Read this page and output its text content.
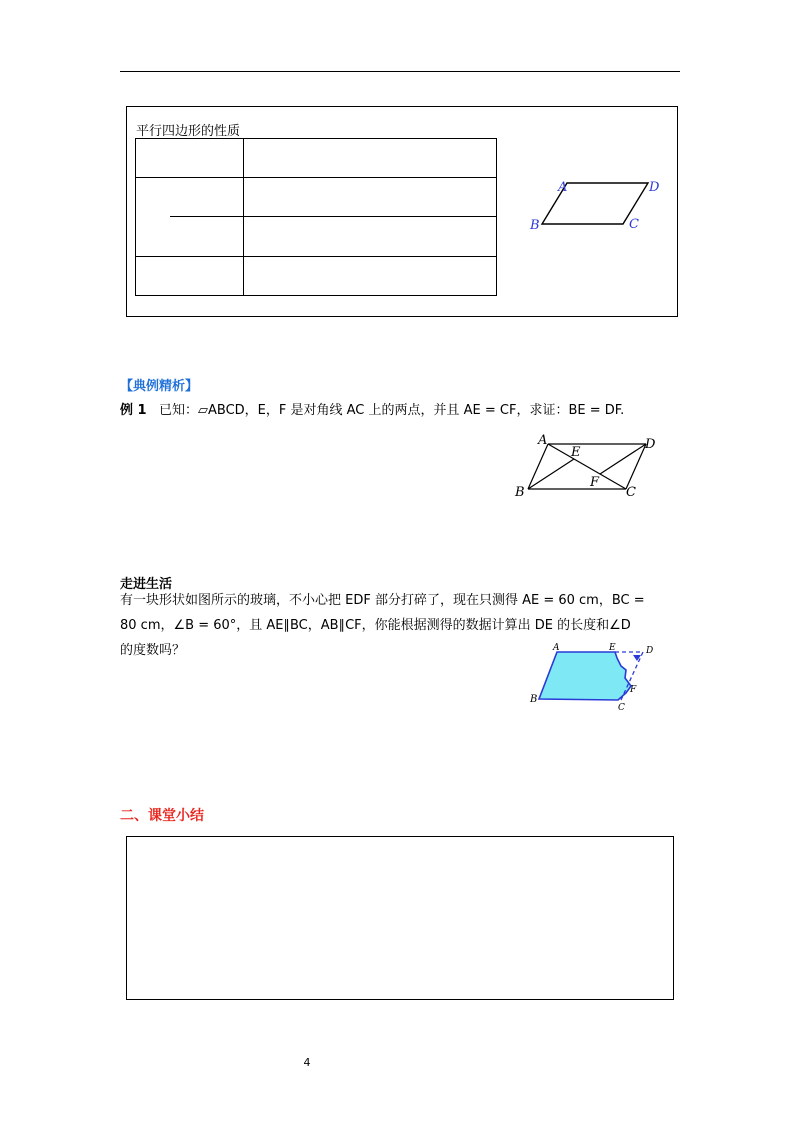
平行四边形的性质
A	D
B	C
【典例精析】
例 1 已知：▱ABCD，E，F 是对角线 AC 上的两点，并且 AE = CF，求证：BE = DF.
A
E
D
B
F
C
走进生活
有一块形状如图所示的玻璃，不小心把 EDF 部分打碎了，现在只测得 AE = 60 cm，BC =
80 cm，∠B = 60°，且 AE∥BC，AB∥CF，你能根据测得的数据计算出 DE 的长度和∠D
的度数吗？	A	E	D
F
B
C
二、课堂小结
4
